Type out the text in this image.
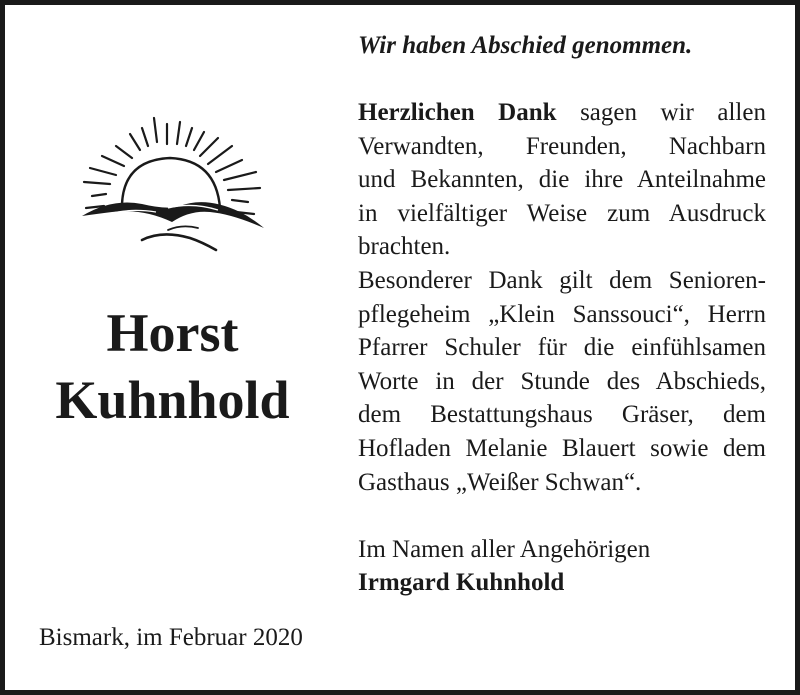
Horst
Kuhnhold
Bismark, im Februar 2020
Wir haben Abschied genommen.
Herzlichen Dank sagen wir allen
Verwandten, Freunden, Nachbarn
und Bekannten, die ihre Anteilnahme
in vielfältiger Weise zum Ausdruck
brachten.
Besonderer Dank gilt dem Senioren-
pflegeheim „Klein Sanssouci“, Herrn
Pfarrer Schuler für die einfühlsamen
Worte in der Stunde des Abschieds,
dem Bestattungshaus Gräser, dem
Hofladen Melanie Blauert sowie dem
Gasthaus „Weißer Schwan“.
Im Namen aller Angehörigen
Irmgard Kuhnhold
